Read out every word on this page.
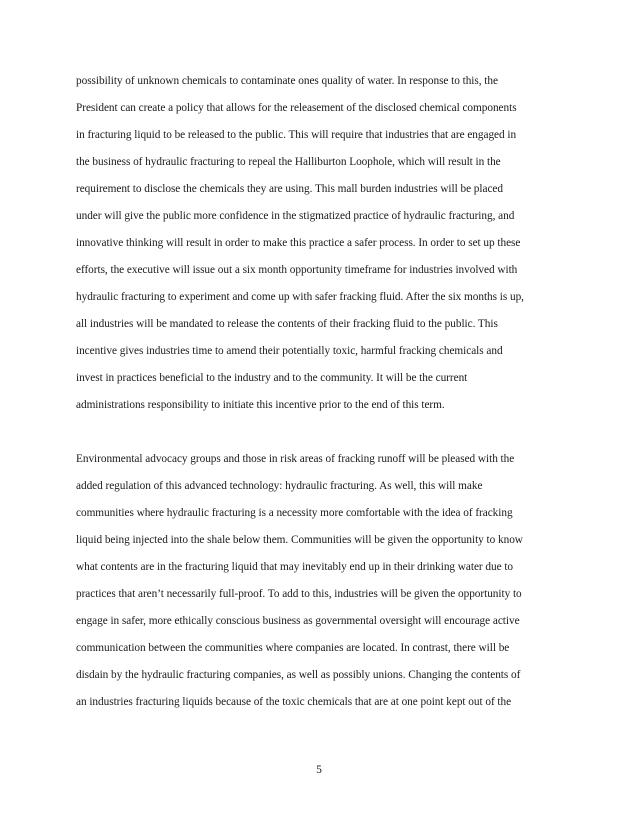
possibility of unknown chemicals to contaminate ones quality of water. In response to this, the
President can create a policy that allows for the releasement of the disclosed chemical components
in fracturing liquid to be released to the public. This will require that industries that are engaged in
the business of hydraulic fracturing to repeal the Halliburton Loophole, which will result in the
requirement to disclose the chemicals they are using. This mall burden industries will be placed
under will give the public more confidence in the stigmatized practice of hydraulic fracturing, and
innovative thinking will result in order to make this practice a safer process. In order to set up these
efforts, the executive will issue out a six month opportunity timeframe for industries involved with
hydraulic fracturing to experiment and come up with safer fracking fluid. After the six months is up,
all industries will be mandated to release the contents of their fracking fluid to the public. This
incentive gives industries time to amend their potentially toxic, harmful fracking chemicals and
invest in practices beneficial to the industry and to the community. It will be the current
administrations responsibility to initiate this incentive prior to the end of this term.
Environmental advocacy groups and those in risk areas of fracking runoff will be pleased with the
added regulation of this advanced technology: hydraulic fracturing. As well, this will make
communities where hydraulic fracturing is a necessity more comfortable with the idea of fracking
liquid being injected into the shale below them. Communities will be given the opportunity to know
what contents are in the fracturing liquid that may inevitably end up in their drinking water due to
practices that aren’t necessarily full-proof. To add to this, industries will be given the opportunity to
engage in safer, more ethically conscious business as governmental oversight will encourage active
communication between the communities where companies are located. In contrast, there will be
disdain by the hydraulic fracturing companies, as well as possibly unions. Changing the contents of
an industries fracturing liquids because of the toxic chemicals that are at one point kept out of the
5
